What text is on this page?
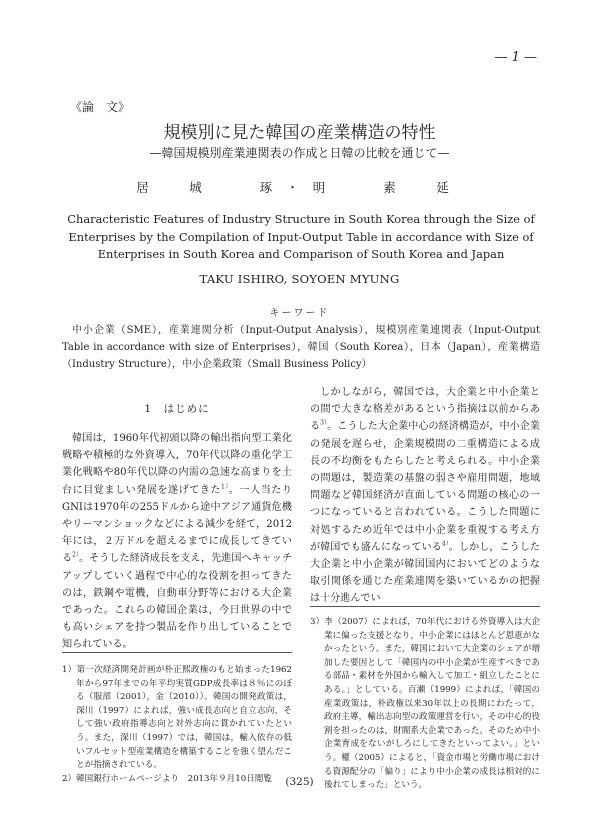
— 1 —
《論　文》
規模別に見た韓国の産業構造の特性
—韓国規模別産業連関表の作成と日韓の比較を通じて—
居　城	琢・明	素　延
Characteristic Features of Industry Structure in South Korea through the Size of Enterprises by the Compilation of Input-Output Table in accordance with Size of Enterprises in South Korea and Comparison of South Korea and Japan
TAKU ISHIRO, SOYOEN MYUNG
キーワード
中小企業（SME），産業連関分析（Input-Output Analysis），規模別産業連関表（Input-Output Table in accordance with size of Enterprises），韓国（South Korea），日本（Japan），産業構造（Industry Structure），中小企業政策（Small Business Policy）
1　はじめに

韓国は，1960年代初頭以降の輸出指向型工業化戦略や積極的な外資導入，70年代以降の重化学工業化戦略や80年代以降の内需の急速な高まりを土台に目覚ましい発展を遂げてきた$^{1)}$。一人当たりGNIは1970年の255ドルから途中アジア通貨危機やリーマンショックなどによる減少を経て，2012年には，２万ドルを超えるまでに成長してきている$^{2)}$。そうした経済成長を支え，先進国へキャッチアップしていく過程で中心的な役割を担ってきたのは，鉄鋼や電機，自動車分野等における大企業であった。これらの韓国企業は，今日世界の中でも高いシェアを持つ製品を作り出していることで知られている。

しかしながら，韓国では，大企業と中小企業との間で大きな格差があるという指摘は以前からある$^{3)}$。こうした大企業中心の経済構造が，中小企業の発展を遅らせ，企業規模間の二重構造による成長の不均衡をもたらしたと考えられる。中小企業の問題は，製造業の基盤の弱さや雇用問題，地域問題など韓国経済が直面している問題の核心の一つになっていると言われている。こうした問題に対処するため近年では中小企業を重視する考え方が韓国でも盛んになっている$^{4)}$。しかし，こうした大企業と中小企業が韓国国内においてどのような取引関係を通じた産業連関を築いているかの把握は十分進んでい

1）第一次経済開発計画が朴正熙政権のもと始まった1962年から97年までの年平均実質GDP成長率は８％にのぼる（服部（2001），金（2010））。韓国の開発政策は，深川（1997）によれば，強い成長志向と自立志向，そして強い政府指導志向と対外志向に貫かれていたという。また，深川（1997）では，韓国は，輸入依存の低いフルセット型産業構造を構築することを強く望んだことが指摘されている。
2）韓国銀行ホームページより　2013年９月10日閲覧
3）李（2007）によれば，70年代における外資導入は大企業に偏った支援となり，中小企業にはほとんど恩恵がなかったという。また，韓国において大企業のシェアが増加した要因として「韓国内の中小企業が生産すべきである部品・素材を外国から輸入して加工・組立したことにある。」としている。百瀬（1999）によれば，「韓国の産業政策は，朴政権以来30年以上の長期にわたって，政府主導，輸出志向型の政策運営を行い，その中心的役割を担ったのは，財閥系大企業であった。そのため中小企業育成をないがしろにしてきたといってよい。」という。權（2005）によると，「資金市場と労働市場における資源配分の「偏り」により中小企業の成長は相対的に後れてしまった」という。
(325)
